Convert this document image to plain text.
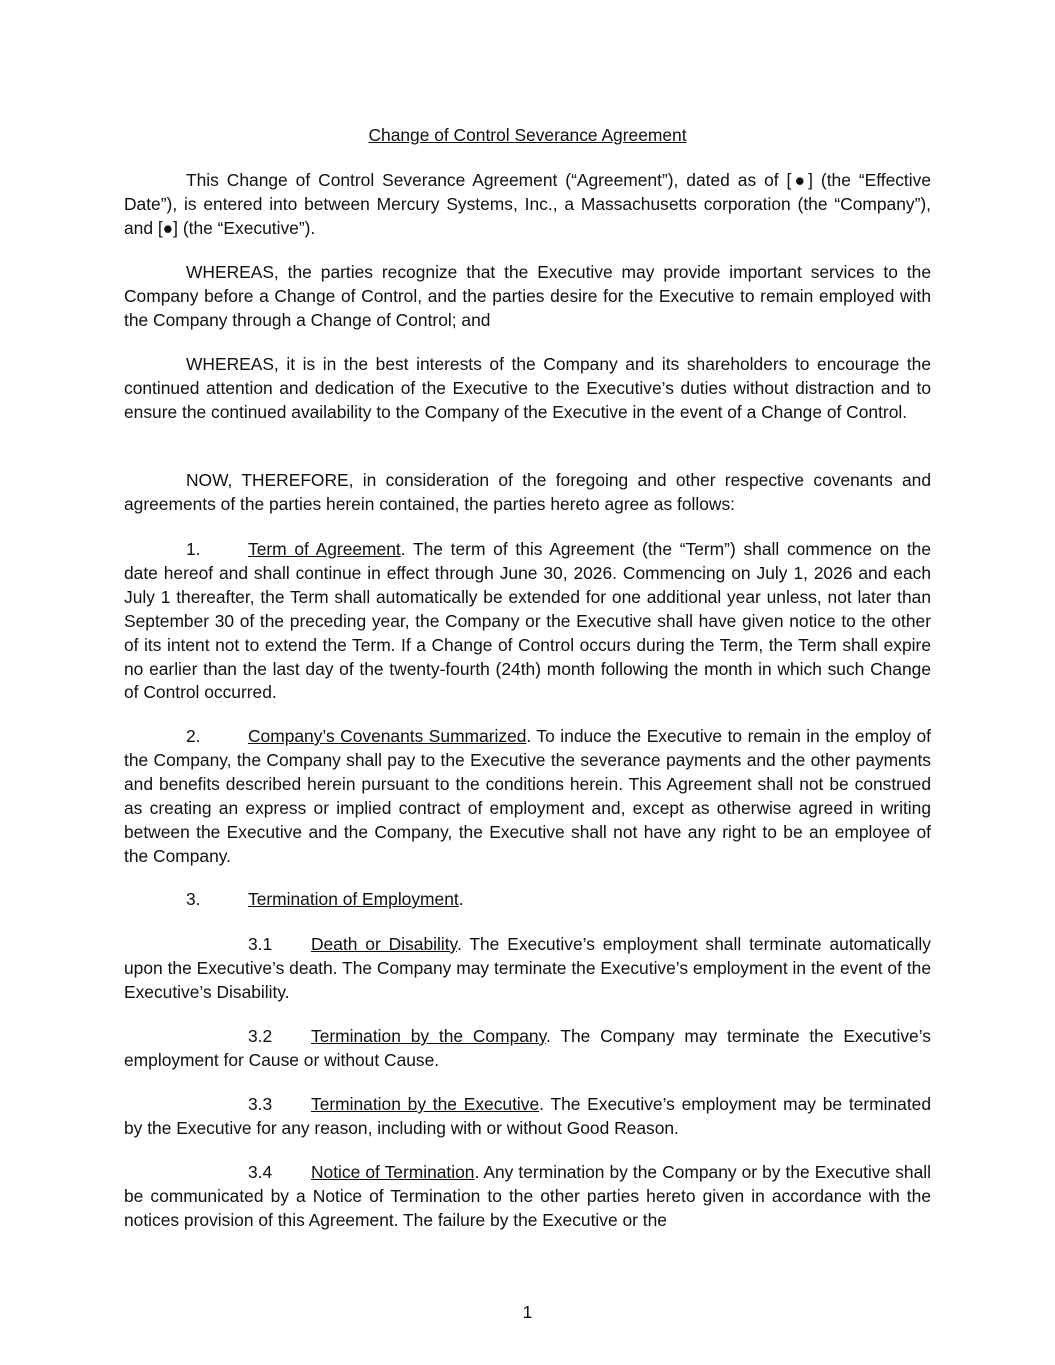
Change of Control Severance Agreement

This Change of Control Severance Agreement (“Agreement”), dated as of [●] (the “Effective Date”), is entered into between Mercury Systems, Inc., a Massachusetts corporation (the “Company”), and [●] (the “Executive”).

WHEREAS, the parties recognize that the Executive may provide important services to the Company before a Change of Control, and the parties desire for the Executive to remain employed with the Company through a Change of Control; and

WHEREAS, it is in the best interests of the Company and its shareholders to encourage the continued attention and dedication of the Executive to the Executive’s duties without distraction and to ensure the continued availability to the Company of the Executive in the event of a Change of Control.

NOW, THEREFORE, in consideration of the foregoing and other respective covenants and agreements of the parties herein contained, the parties hereto agree as follows:

1.	Term of Agreement. The term of this Agreement (the “Term”) shall commence on the date hereof and shall continue in effect through June 30, 2026. Commencing on July 1, 2026 and each July 1 thereafter, the Term shall automatically be extended for one additional year unless, not later than September 30 of the preceding year, the Company or the Executive shall have given notice to the other of its intent not to extend the Term. If a Change of Control occurs during the Term, the Term shall expire no earlier than the last day of the twenty-fourth (24th) month following the month in which such Change of Control occurred.
2.	Company’s Covenants Summarized. To induce the Executive to remain in the employ of the Company, the Company shall pay to the Executive the severance payments and the other payments and benefits described herein pursuant to the conditions herein. This Agreement shall not be construed as creating an express or implied contract of employment and, except as otherwise agreed in writing between the Executive and the Company, the Executive shall not have any right to be an employee of the Company.
3.	Termination of Employment.
3.1	Death or Disability. The Executive’s employment shall terminate automatically upon the Executive’s death. The Company may terminate the Executive’s employment in the event of the Executive’s Disability.
3.2	Termination by the Company. The Company may terminate the Executive’s employment for Cause or without Cause.
3.3	Termination by the Executive. The Executive’s employment may be terminated by the Executive for any reason, including with or without Good Reason.
3.4	Notice of Termination. Any termination by the Company or by the Executive shall be communicated by a Notice of Termination to the other parties hereto given in accordance with the notices provision of this Agreement. The failure by the Executive or the
1
